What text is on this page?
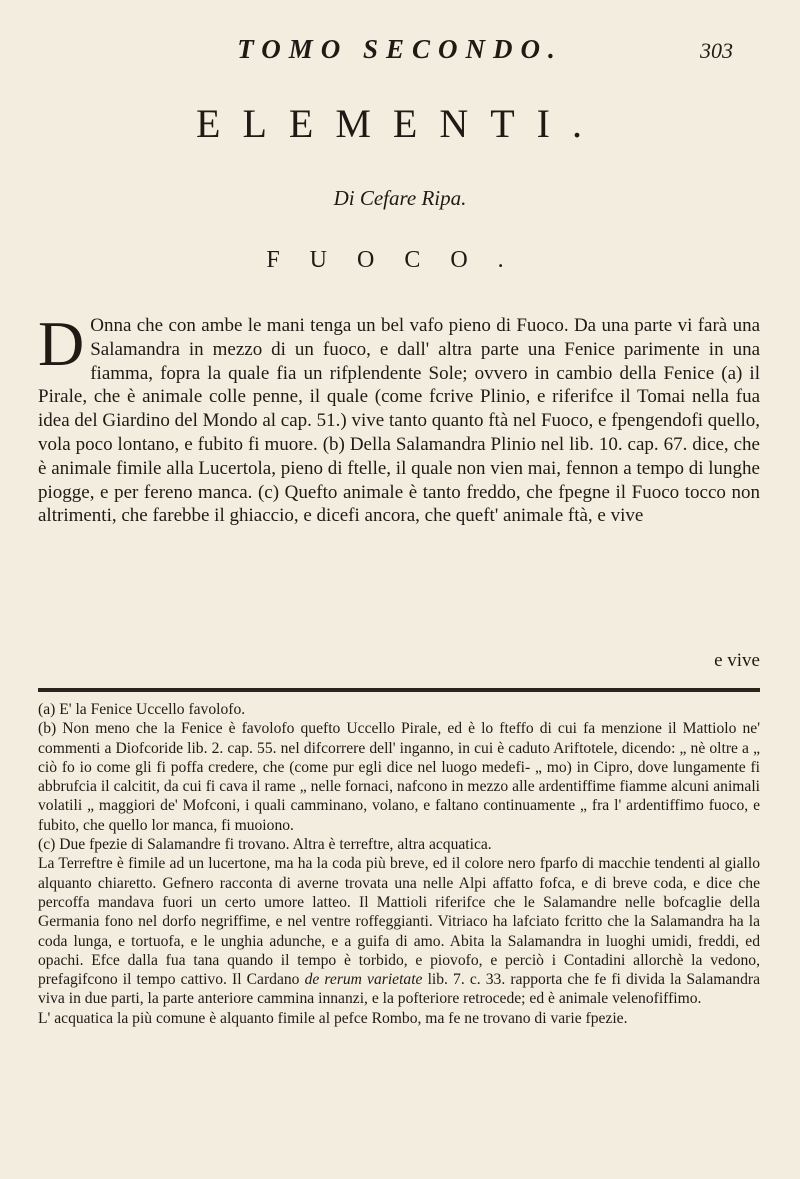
TOMO SECONDO.	303
ELEMENTI.
Di Cefare Ripa.
FUOCO.
D Onna che con ambe le mani tenga un bel vafo pieno di Fuoco. Da una parte vi farà una Salamandra in mezzo di un fuoco, e dall' altra parte una Fenice parimente in una fiamma, fopra la quale fia un rifplendente Sole; ovvero in cambio della Fenice (a) il Pirale, che è animale colle penne, il quale (come fcrive Plinio, e riferifce il Tomai nella fua idea del Giardino del Mondo al cap. 51.) vive tanto quanto ftà nel Fuoco, e fpengendofi quello, vola poco lontano, e fubito fi muore. (b) Della Salamandra Plinio nel lib. 10. cap. 67. dice, che è animale fimile alla Lucertola, pieno di ftelle, il quale non vien mai, fennon a tempo di lunghe piogge, e per fereno manca. (c) Quefto animale è tanto freddo, che fpegne il Fuoco tocco non altrimenti, che farebbe il ghiaccio, e dicefi ancora, che queft' animale ftà, e vive
e vive

(a) E' la Fenice Uccello favolofo.

(b) Non meno che la Fenice è favolofo quefto Uccello Pirale, ed è lo fteffo di cui fa menzione il Mattiolo ne' commenti a Diofcoride lib. 2. cap. 55. nel difcorrere dell' inganno, in cui è caduto Ariftotele, dicendo: „ nè oltre a „ ciò fo io come gli fi poffa credere, che (come pur egli dice nel luogo medefi- „ mo) in Cipro, dove lungamente fi abbrufcia il calcitit, da cui fi cava il rame „ nelle fornaci, nafcono in mezzo alle ardentiffime fiamme alcuni animali volatili „ maggiori de' Mofconi, i quali camminano, volano, e faltano continuamente „ fra l' ardentiffimo fuoco, e fubito, che quello lor manca, fi muoiono.

(c) Due fpezie di Salamandre fi trovano. Altra è terreftre, altra acquatica.

La Terreftre è fimile ad un lucertone, ma ha la coda più breve, ed il colore nero fparfo di macchie tendenti al giallo alquanto chiaretto. Gefnero racconta di averne trovata una nelle Alpi affatto fofca, e di breve coda, e dice che percoffa mandava fuori un certo umore latteo. Il Mattioli riferifce che le Salamandre nelle bofcaglie della Germania fono nel dorfo negriffime, e nel ventre roffeggianti. Vitriaco ha lafciato fcritto che la Salamandra ha la coda lunga, e tortuofa, e le unghia adunche, e a guifa di amo. Abita la Salamandra in luoghi umidi, freddi, ed opachi. Efce dalla fua tana quando il tempo è torbido, e piovofo, e perciò i Contadini allorchè la vedono, prefagifcono il tempo cattivo. Il Cardano de rerum varietate lib. 7. c. 33. rapporta che fe fi divida la Salamandra viva in due parti, la parte anteriore cammina innanzi, e la pofteriore retrocede; ed è animale velenofiffimo.

L' acquatica la più comune è alquanto fimile al pefce Rombo, ma fe ne trovano di varie fpezie.
